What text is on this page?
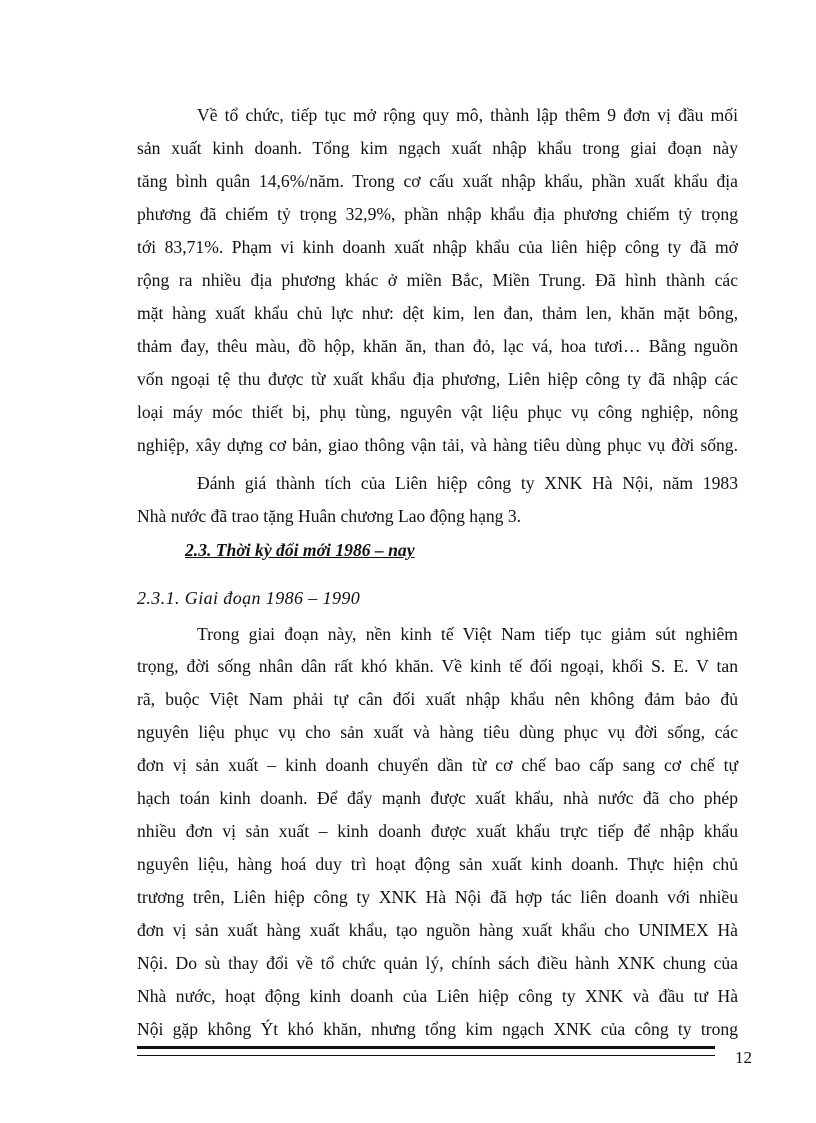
Về tổ chức, tiếp tục mở rộng quy mô, thành lập thêm 9 đơn vị đầu mối

sản xuất kinh doanh. Tổng kim ngạch xuất nhập khẩu trong giai đoạn này

tăng bình quân 14,6%/năm. Trong cơ cấu xuất nhập khẩu, phần xuất khẩu địa

phương đã chiếm tỷ trọng 32,9%, phần nhập khẩu địa phương chiếm tỷ trọng

tới 83,71%. Phạm vi kinh doanh xuất nhập khẩu của liên hiệp công ty đã mở

rộng ra nhiều địa phương khác ở miền Bắc, Miền Trung. Đã hình thành các

mặt hàng xuất khẩu chủ lực như: dệt kim, len đan, thảm len, khăn mặt bông,

thảm đay, thêu màu, đồ hộp, khăn ăn, than đỏ, lạc vá, hoa tươi… Bằng nguồn

vốn ngoại tệ thu được từ xuất khẩu địa phương, Liên hiệp công ty đã nhập các

loại máy móc thiết bị, phụ tùng, nguyên vật liệu phục vụ công nghiệp, nông

nghiệp, xây dựng cơ bản, giao thông vận tải, và hàng tiêu dùng phục vụ đời sống.

Đánh giá thành tích của Liên hiệp công ty XNK Hà Nội, năm 1983

Nhà nước đã trao tặng Huân chương Lao động hạng 3.

2.3. Thời kỳ đổi mới 1986 – nay
2.3.1. Giai đoạn 1986 – 1990

Trong giai đoạn này, nền kinh tế Việt Nam tiếp tục giảm sút nghiêm

trọng, đời sống nhân dân rất khó khăn. Về kinh tế đối ngoại, khối S. E. V tan

rã, buộc Việt Nam phải tự cân đối xuất nhập khẩu nên không đảm bảo đủ

nguyên liệu phục vụ cho sản xuất và hàng tiêu dùng phục vụ đời sống, các

đơn vị sản xuất – kinh doanh chuyển dần từ cơ chế bao cấp sang cơ chế tự

hạch toán kinh doanh. Để đẩy mạnh được xuất khẩu, nhà nước đã cho phép

nhiều đơn vị sản xuất – kinh doanh được xuất khẩu trực tiếp để nhập khẩu

nguyên liệu, hàng hoá duy trì hoạt động sản xuất kinh doanh. Thực hiện chủ

trương trên, Liên hiệp công ty XNK Hà Nội đã hợp tác liên doanh với nhiều

đơn vị sản xuất hàng xuất khẩu, tạo nguồn hàng xuất khẩu cho UNIMEX Hà

Nội. Do sù thay đổi về tổ chức quản lý, chính sách điều hành XNK chung của

Nhà nước, hoạt động kinh doanh của Liên hiệp công ty XNK và đầu tư Hà

Nội gặp không Ýt khó khăn, nhưng tổng kim ngạch XNK của công ty trong

12
